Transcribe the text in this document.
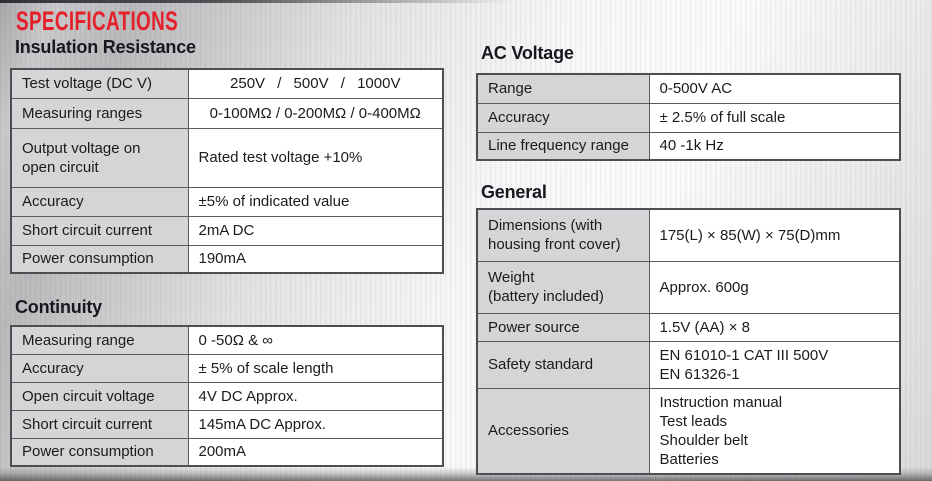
SPECIFICATIONS
Insulation Resistance
Test voltage (DC V)	250V / 500V / 1000V
Measuring ranges	0-100MΩ / 0-200MΩ / 0-400MΩ

Output voltage on
open circuit	Rated test voltage +10%
Accuracy	±5% of indicated value
Short circuit current	2mA DC
Power consumption	190mA
Continuity
Measuring range	0 -50Ω & ∞
Accuracy	± 5% of scale length
Open circuit voltage	4V DC Approx.
Short circuit current	145mA DC Approx.
Power consumption	200mA
AC Voltage
Range	0-500V AC
Accuracy	± 2.5% of full scale
Line frequency range	40 -1k Hz
General
Dimensions (with
housing front cover)	175(L) × 85(W) × 75(D)mm

Weight
(battery included)	Approx. 600g
Power source	1.5V (AA) × 8
Safety standard	EN 61010-1 CAT III 500V
EN 61326-1

Accessories	Instruction manual
Test leads
Shoulder belt
Batteries
